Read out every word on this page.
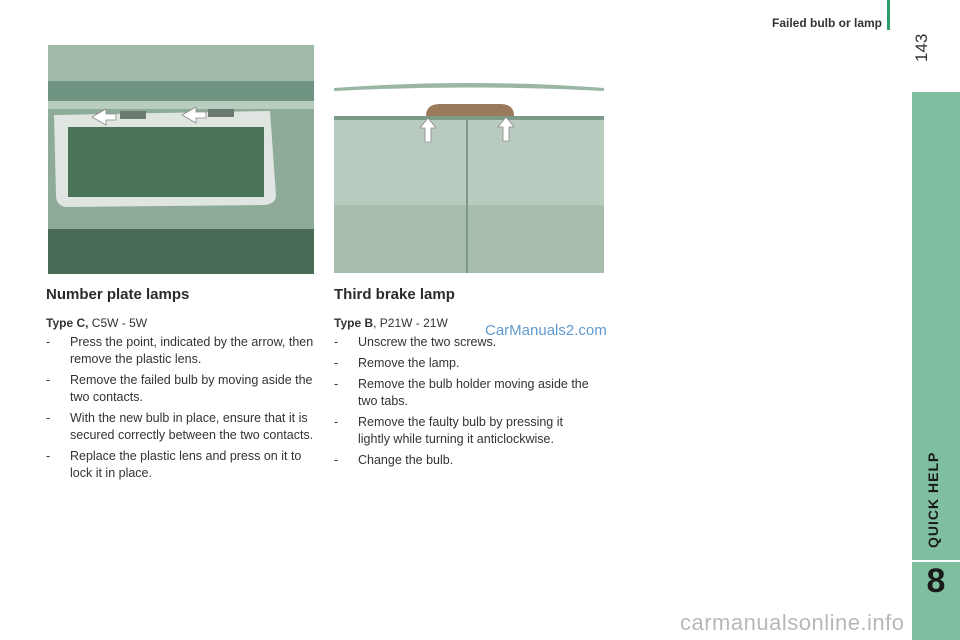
Failed bulb or lamp
143
QUICK HELP
8
Number plate lamps
Type C, C5W - 5W
- Press the point, indicated by the arrow, then remove the plastic lens.
- Remove the failed bulb by moving aside the two contacts.
- With the new bulb in place, ensure that it is secured correctly between the two contacts.
- Replace the plastic lens and press on it to lock it in place.
Third brake lamp
Type B, P21W - 21W
- Unscrew the two screws.
- Remove the lamp.
- Remove the bulb holder moving aside the two tabs.
- Remove the faulty bulb by pressing it lightly while turning it anticlockwise.
- Change the bulb.
CarManuals2.com
carmanualsonline.info
